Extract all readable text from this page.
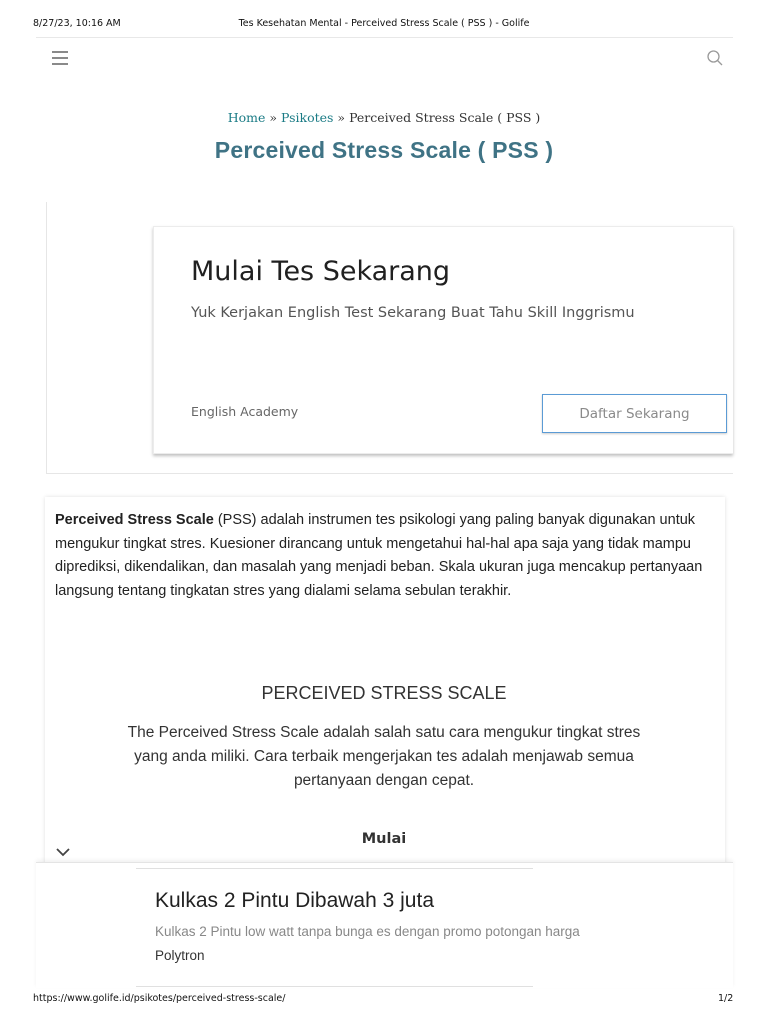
8/27/23, 10:16 AM	Tes Kesehatan Mental - Perceived Stress Scale ( PSS ) - Golife
Home » Psikotes » Perceived Stress Scale ( PSS )
Perceived Stress Scale ( PSS )
Mulai Tes Sekarang
Yuk Kerjakan English Test Sekarang Buat Tahu Skill Inggrismu
English Academy	Daftar Sekarang

Perceived Stress Scale (PSS) adalah instrumen tes psikologi yang paling banyak digunakan untuk mengukur tingkat stres. Kuesioner dirancang untuk mengetahui hal-hal apa saja yang tidak mampu diprediksi, dikendalikan, dan masalah yang menjadi beban. Skala ukuran juga mencakup pertanyaan langsung tentang tingkatan stres yang dialami selama sebulan terakhir.

PERCEIVED STRESS SCALE
The Perceived Stress Scale adalah salah satu cara mengukur tingkat stres yang anda miliki. Cara terbaik mengerjakan tes adalah menjawab semua pertanyaan dengan cepat.
Mulai
Kulkas 2 Pintu Dibawah 3 juta
Kulkas 2 Pintu low watt tanpa bunga es dengan promo potongan harga
Polytron
https://www.golife.id/psikotes/perceived-stress-scale/	1/2
